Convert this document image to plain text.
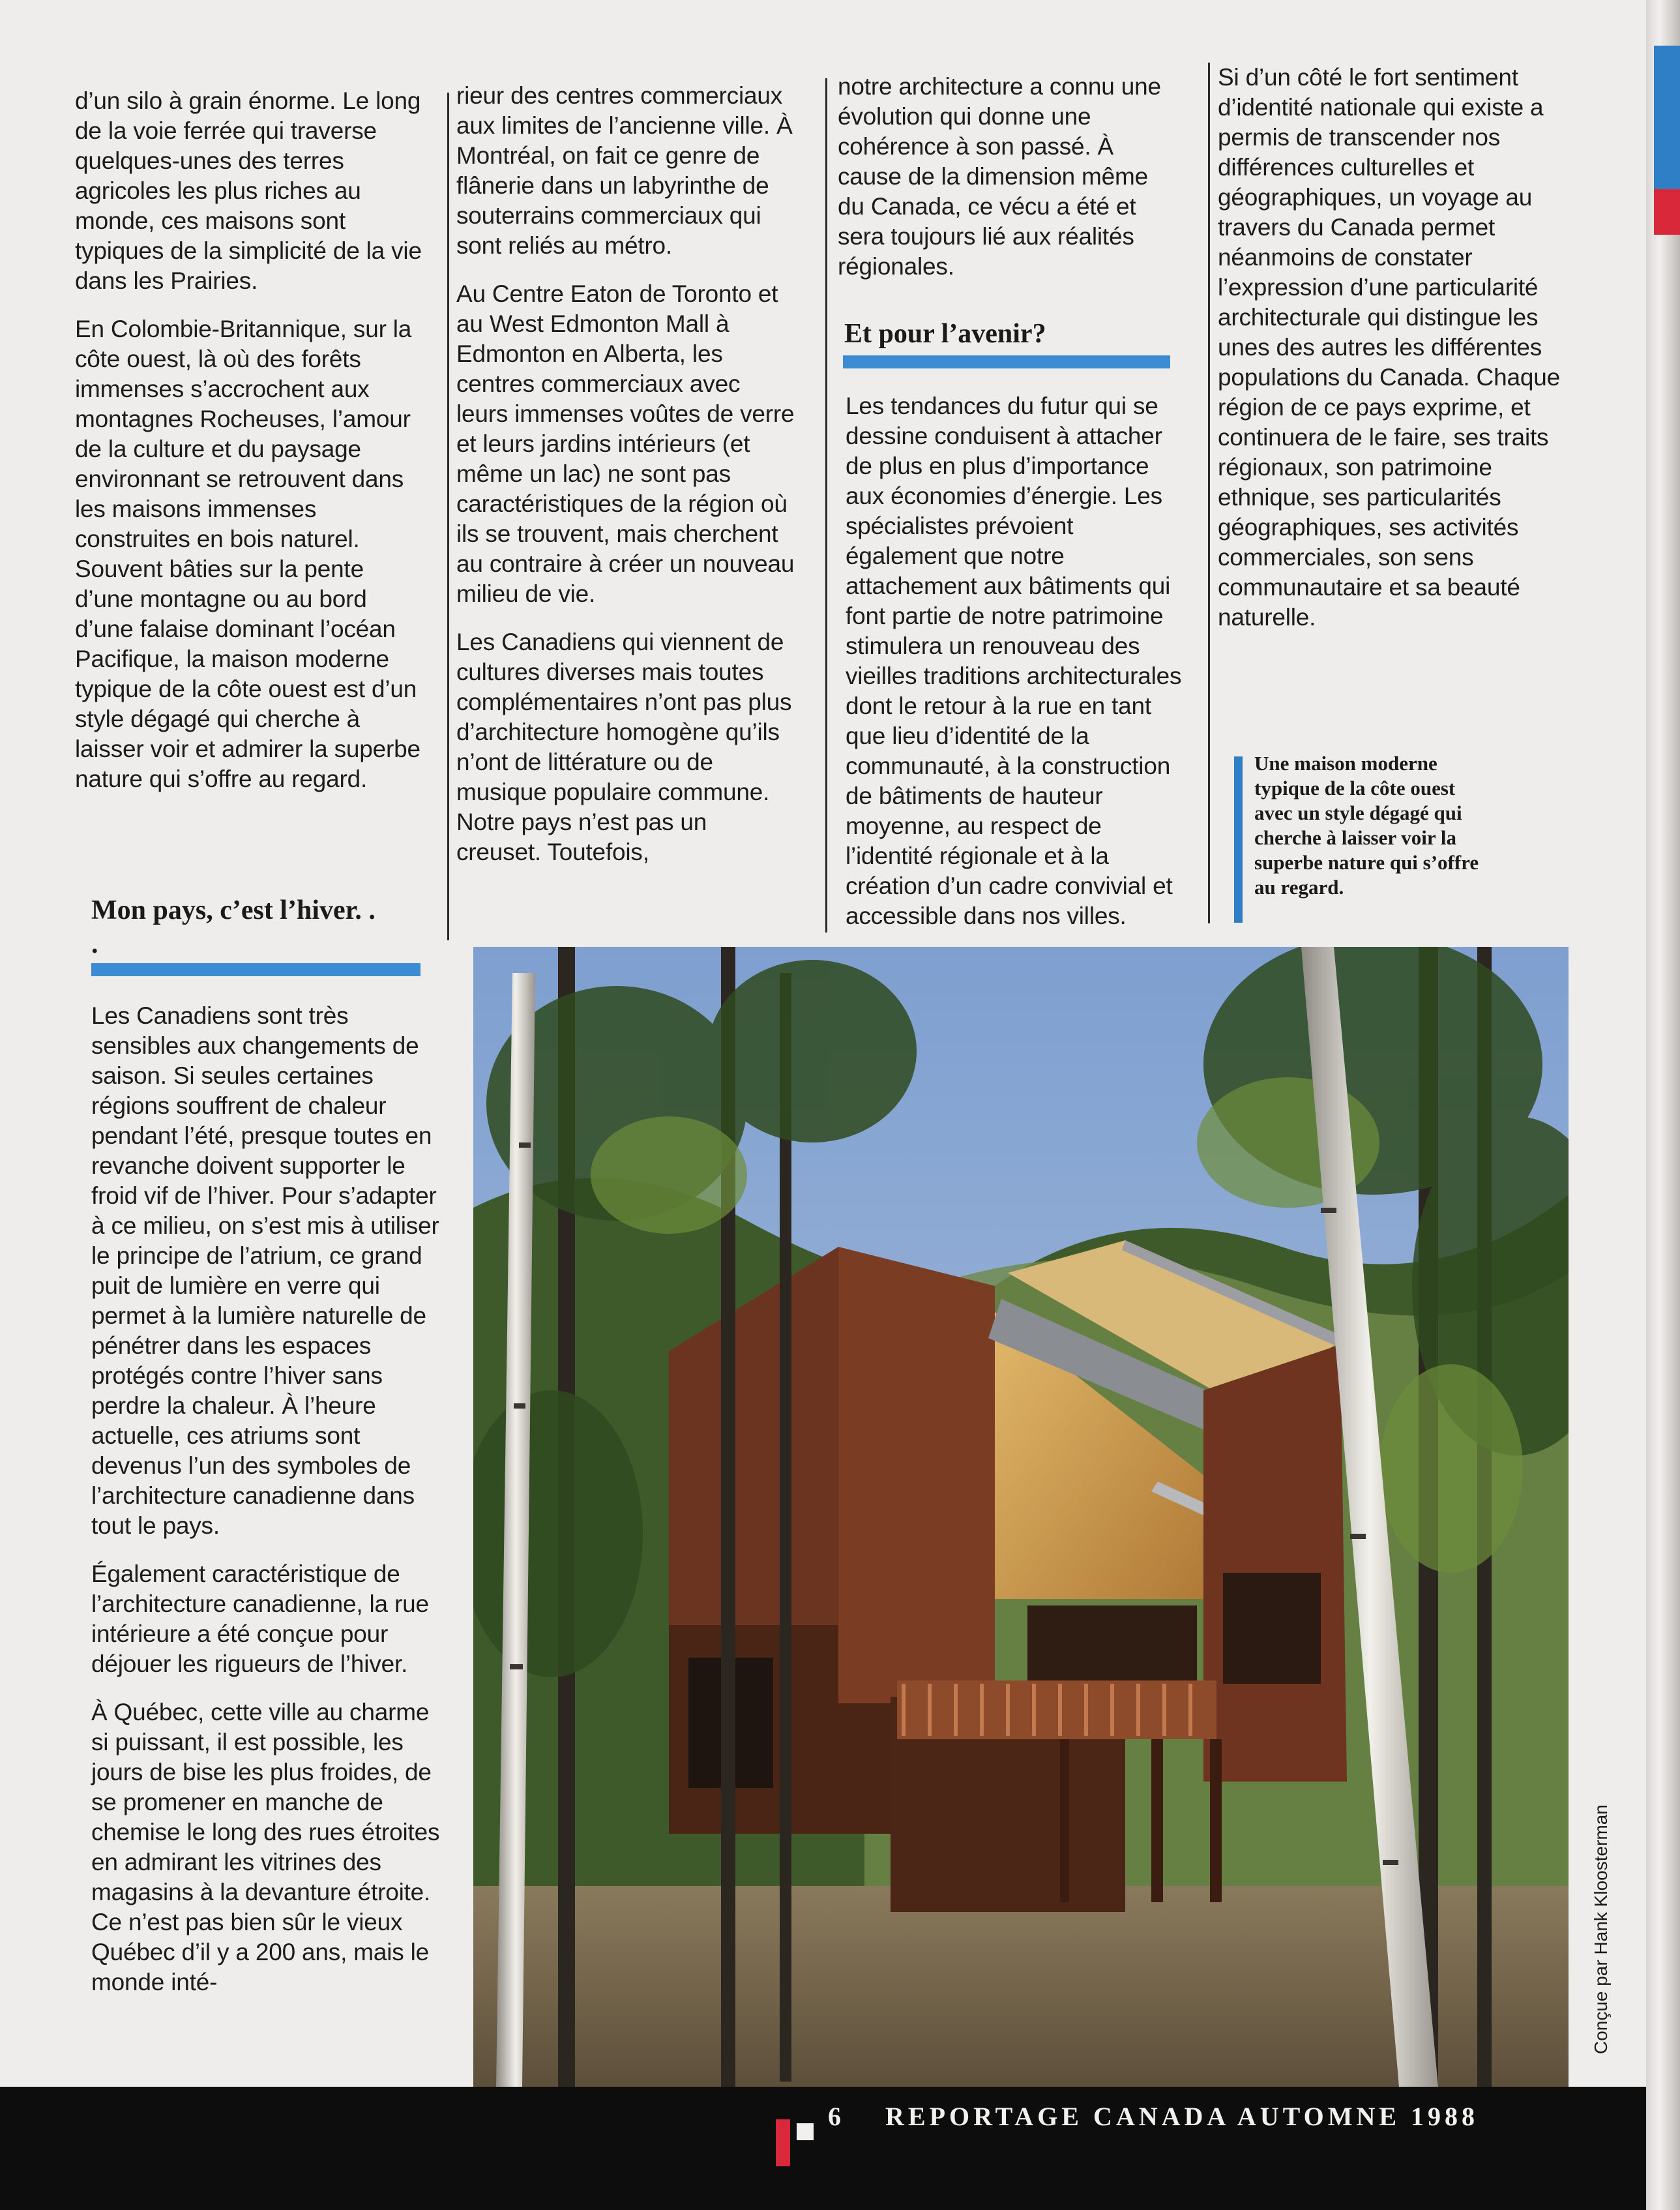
d’un silo à grain énorme. Le long de la voie ferrée qui traverse quelques-unes des terres agricoles les plus riches au monde, ces maisons sont typiques de la simplicité de la vie dans les Prairies.

En Colombie-Britannique, sur la côte ouest, là où des forêts immenses s’accrochent aux montagnes Rocheuses, l’amour de la culture et du paysage environnant se retrouvent dans les maisons immenses construites en bois naturel. Souvent bâties sur la pente d’une montagne ou au bord d’une falaise dominant l’océan Pacifique, la maison moderne typique de la côte ouest est d’un style dégagé qui cherche à laisser voir et admirer la superbe nature qui s’offre au regard.

Mon pays, c’est l’hiver. . .

Les Canadiens sont très sensibles aux changements de saison. Si seules certaines régions souffrent de chaleur pendant l’été, presque toutes en revanche doivent supporter le froid vif de l’hiver. Pour s’adapter à ce milieu, on s’est mis à utiliser le principe de l’atrium, ce grand puit de lumière en verre qui permet à la lumière naturelle de pénétrer dans les espaces protégés contre l’hiver sans perdre la chaleur. À l’heure actuelle, ces atriums sont devenus l’un des symboles de l’architecture canadienne dans tout le pays.

Également caractéristique de l’architecture canadienne, la rue intérieure a été conçue pour déjouer les rigueurs de l’hiver.

À Québec, cette ville au charme si puissant, il est possible, les jours de bise les plus froides, de se promener en manche de chemise le long des rues étroites en admirant les vitrines des magasins à la devanture étroite. Ce n’est pas bien sûr le vieux Québec d’il y a 200 ans, mais le monde inté-

rieur des centres commerciaux aux limites de l’ancienne ville. À Montréal, on fait ce genre de flânerie dans un labyrinthe de souterrains commerciaux qui sont reliés au métro.

Au Centre Eaton de Toronto et au West Edmonton Mall à Edmonton en Alberta, les centres commerciaux avec leurs immenses voûtes de verre et leurs jardins intérieurs (et même un lac) ne sont pas caractéristiques de la région où ils se trouvent, mais cherchent au contraire à créer un nouveau milieu de vie.

Les Canadiens qui viennent de cultures diverses mais toutes complémentaires n’ont pas plus d’architecture homogène qu’ils n’ont de littérature ou de musique populaire commune. Notre pays n’est pas un creuset. Toutefois,

notre architecture a connu une évolution qui donne une cohérence à son passé. À cause de la dimension même du Canada, ce vécu a été et sera toujours lié aux réalités régionales.

Et pour l’avenir?

Les tendances du futur qui se dessine conduisent à attacher de plus en plus d’importance aux économies d’énergie. Les spécialistes prévoient également que notre attachement aux bâtiments qui font partie de notre patrimoine stimulera un renouveau des vieilles traditions architecturales dont le retour à la rue en tant que lieu d’identité de la communauté, à la construction de bâtiments de hauteur moyenne, au respect de l’identité régionale et à la création d’un cadre convivial et accessible dans nos villes.

Si d’un côté le fort sentiment d’identité nationale qui existe a permis de transcender nos différences culturelles et géographiques, un voyage au travers du Canada permet néanmoins de constater l’expression d’une particularité architecturale qui distingue les unes des autres les différentes populations du Canada. Chaque région de ce pays exprime, et continuera de le faire, ses traits régionaux, son patrimoine ethnique, ses particularités géographiques, ses activités commerciales, son sens communautaire et sa beauté naturelle.

Une maison moderne typique de la côte ouest avec un style dégagé qui cherche à laisser voir la superbe nature qui s’offre au regard.
Conçue par Hank Kloosterman
6 REPORTAGE CANADA AUTOMNE 1988
